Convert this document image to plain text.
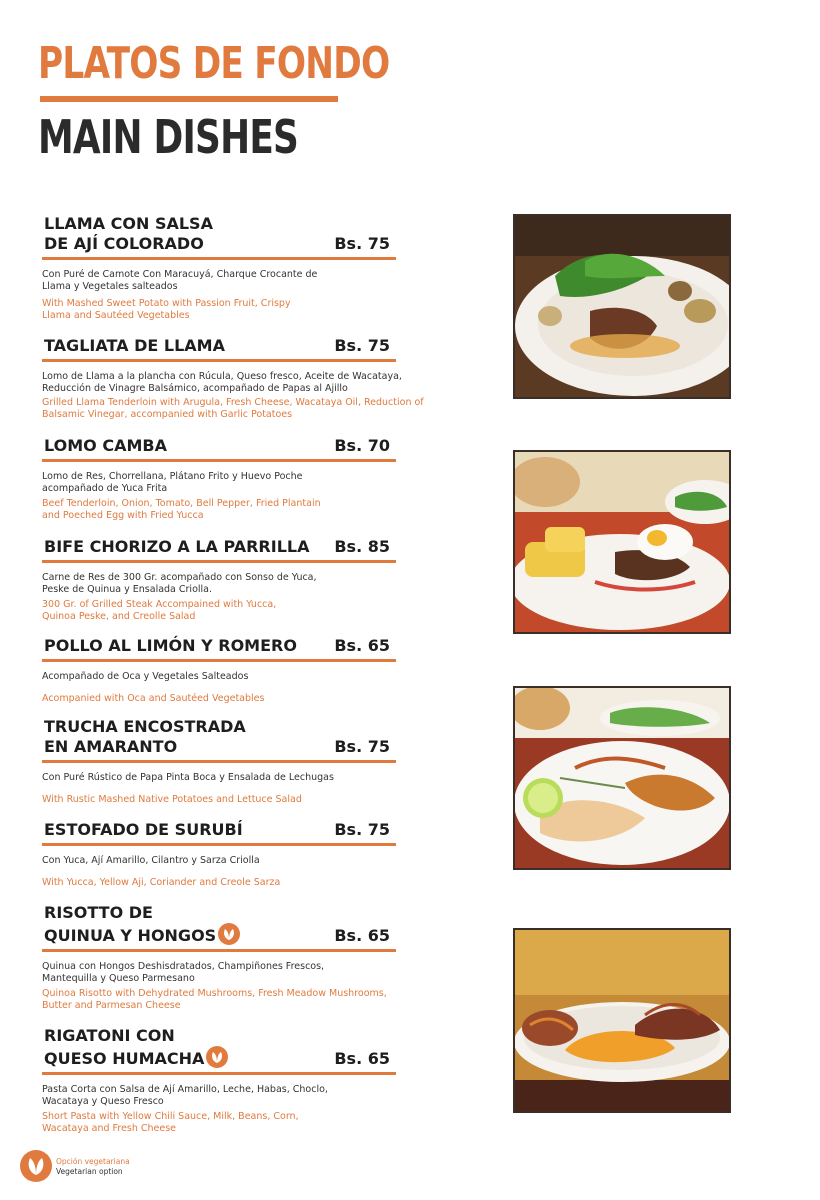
PLATOS DE FONDO
MAIN DISHES
LLAMA CON SALSA
DE AJÍ COLORADO	Bs. 75
Con Puré de Camote Con Maracuyá, Charque Crocante de Llama y Vegetales salteados
With Mashed Sweet Potato with Passion Fruit, Crispy Llama and Sautéed Vegetables
TAGLIATA DE LLAMA	Bs. 75
Lomo de Llama a la plancha con Rúcula, Queso fresco, Aceite de Wacataya, Reducción de Vinagre Balsámico, acompañado de Papas al Ajillo
Grilled Llama Tenderloin with Arugula, Fresh Cheese, Wacataya Oil, Reduction of Balsamic Vinegar, accompanied with Garlic Potatoes
LOMO CAMBA	Bs. 70
Lomo de Res, Chorrellana, Plátano Frito y Huevo Poche acompañado de Yuca Frita
Beef Tenderloin, Onion, Tomato, Bell Pepper, Fried Plantain and Poeched Egg with Fried Yucca
BIFE CHORIZO A LA PARRILLA	Bs. 85
Carne de Res de 300 Gr. acompañado con Sonso de Yuca, Peske de Quinua y Ensalada Criolla.
300 Gr. of Grilled Steak Accompained with Yucca, Quinoa Peske, and Creolle Salad
POLLO AL LIMÓN Y ROMERO	Bs. 65
Acompañado de Oca y Vegetales Salteados
Acompanied with Oca and Sautéed Vegetables
TRUCHA ENCOSTRADA
EN AMARANTO	Bs. 75
Con Puré Rústico de Papa Pinta Boca y Ensalada de Lechugas
With Rustic Mashed Native Potatoes and Lettuce Salad
ESTOFADO DE SURUBÍ	Bs. 75
Con Yuca, Ají Amarillo, Cilantro y Sarza Criolla
With Yucca, Yellow Aji, Coriander and Creole Sarza
RISOTTO DE
QUINUA Y HONGOS	Bs. 65
Quinua con Hongos Deshisdratados, Champiñones Frescos, Mantequilla y Queso Parmesano
Quinoa Risotto with Dehydrated Mushrooms, Fresh Meadow Mushrooms, Butter and Parmesan Cheese
RIGATONI CON
QUESO HUMACHA	Bs. 65
Pasta Corta con Salsa de Ají Amarillo, Leche, Habas, Choclo, Wacataya y Queso Fresco
Short Pasta with Yellow Chili Sauce, Milk, Beans, Corn, Wacataya and Fresh Cheese
Opción vegetariana
Vegetarian option
